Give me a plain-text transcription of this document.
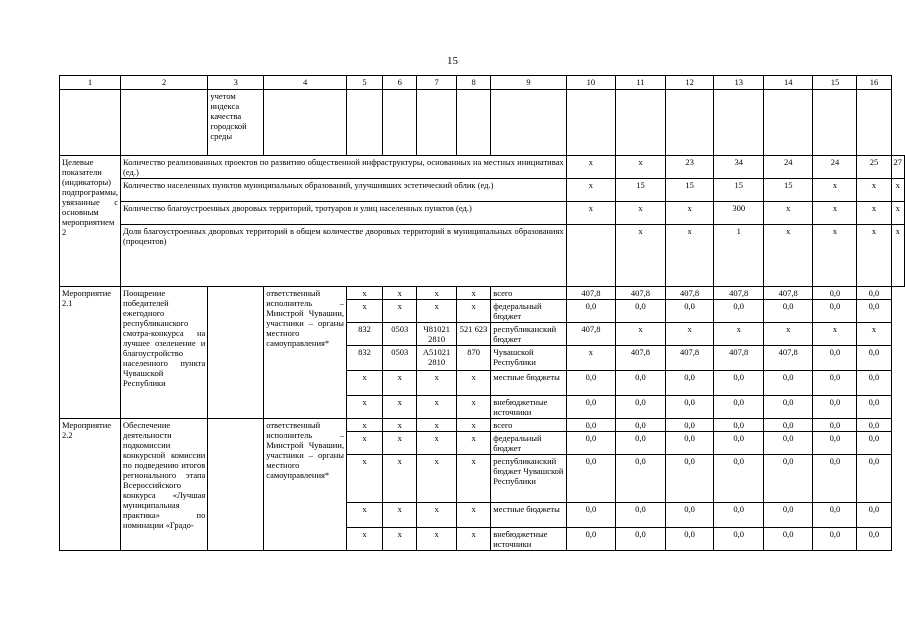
15
1	2	3	4	5	6	7	8	9	10	11	12	13	14	15	16	
		учетом индекса качества городской среды														
Целевые показатели (индикаторы) подпрограммы, увязанные с основным мероприятием 2	Количество реализованных проектов по развитию общественной инфраструктуры, основанных на местных инициативах (ед.)								x	x	23	34	24	24	25	27
	Количество населенных пунктов муниципальных образований, улучшивших эстетический облик (ед.)								x	15	15	15	15	x	x	x
	Количество благоустроенных дворовых территорий, тротуаров и улиц населенных пунктов (ед.)								x	x	x	300	x	x	x	x
	Доля благоустроенных дворовых территорий в общем количестве дворовых территорий в муниципальных образованиях (процентов)									x	x	1	x	x	x	x
Мероприятие 2.1	Поощрение победителей ежегодного республиканского смотра-конкурса на лучшее озеленение и благоустройство населенного пункта Чувашской Республики		ответственный исполнитель – Минстрой Чувашии, участники – органы местного самоуправления*	x	x	x	x	всего	407,8	407,8	407,8	407,8	407,8	0,0	0,0	
				x	x	x	x	федеральный бюджет	0,0	0,0	0,0	0,0	0,0	0,0	0,0	
				832	0503	Ч81021 2810	521 623	республиканский бюджет	407,8	x	x	x	x	x	x	
				832	0503	А51021 2810	870	Чувашской Республики	x	407,8	407,8	407,8	407,8	0,0	0,0	
				x	x	x	x	местные бюджеты	0,0	0,0	0,0	0,0	0,0	0,0	0,0	
				x	x	x	x	внебюджетные источники	0,0	0,0	0,0	0,0	0,0	0,0	0,0	
Мероприятие 2.2	Обеспечение деятельности подкомиссии конкурсной комиссии по подведению итогов регионального этапа Всероссийского конкурса «Лучшая муниципальная практика» по номинации «Градо-		ответственный исполнитель – Минстрой Чувашии, участники – органы местного самоуправления*	x	x	x	x	всего	0,0	0,0	0,0	0,0	0,0	0,0	0,0	
				x	x	x	x	федеральный бюджет	0,0	0,0	0,0	0,0	0,0	0,0	0,0	
				x	x	x	x	республиканский бюджет Чувашской Республики	0,0	0,0	0,0	0,0	0,0	0,0	0,0	
				x	x	x	x	местные бюджеты	0,0	0,0	0,0	0,0	0,0	0,0	0,0	
				x	x	x	x	внебюджетные источники	0,0	0,0	0,0	0,0	0,0	0,0	0,0	
